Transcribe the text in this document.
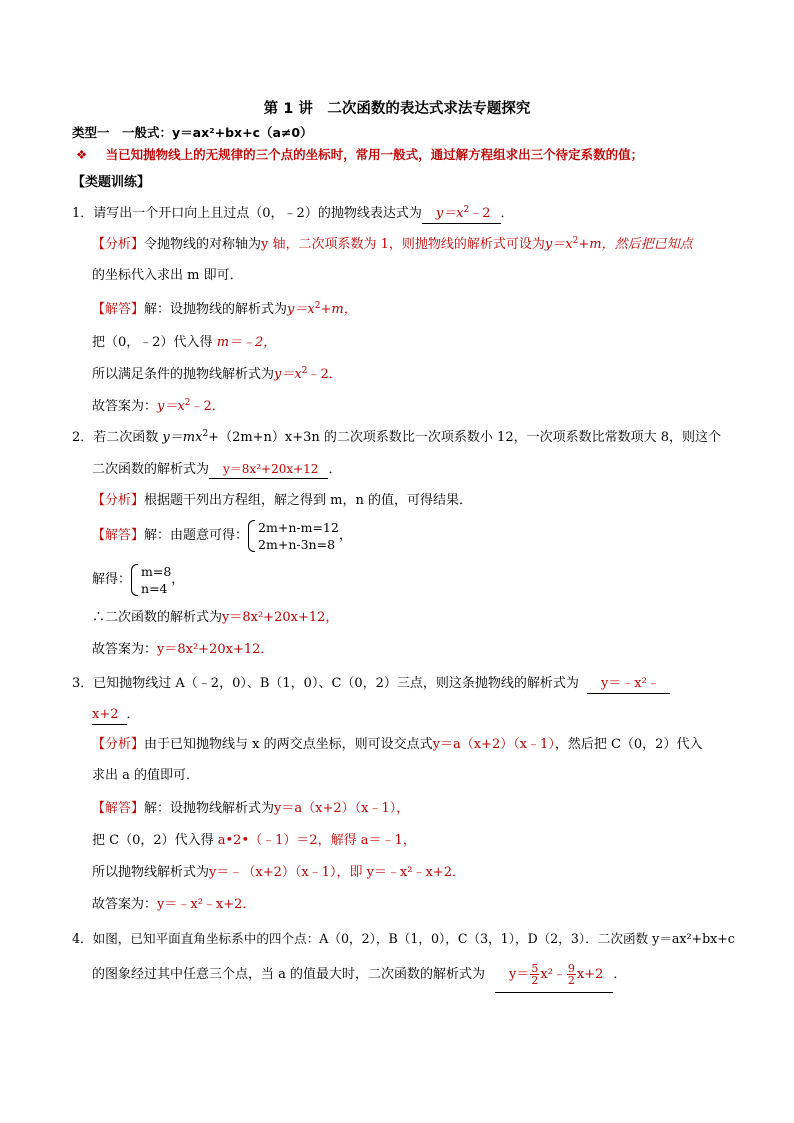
第 1 讲　二次函数的表达式求法专题探究
类型一　一般式：y＝ax²+bx+c（a≠0）
❖ 当已知抛物线上的无规律的三个点的坐标时，常用一般式，通过解方程组求出三个待定系数的值；
【类题训练】
1．请写出一个开口向上且过点（0，﹣2）的抛物线表达式为 $y=x^2﹣2$ ．
【分析】令抛物线的对称轴为y 轴，二次项系数为 1，则抛物线的解析式可设为$y=x^2+m$，然后把已知点
的坐标代入求出 m 即可．
【解答】解：设抛物线的解析式为$y=x^2+m$，
把（0，﹣2）代入得 m＝﹣2，
所以满足条件的抛物线解析式为$y=x^2﹣2$．
故答案为：$y=x^2﹣2$．
2．若二次函数 $y=mx^2+(2m+n)x+3n$ 的二次项系数比一次项系数小 12，一次项系数比常数项大 8，则这个
二次函数的解析式为 y＝8x²+20x+12 ．
【分析】根据题干列出方程组，解之得到 m，n 的值，可得结果．
【解答】解：由题意可得：
2m+n-m=12
2m+n-3n=8
，
解得：
m=8
n=4
，
∴二次函数的解析式为y＝8x²+20x+12，
故答案为：y＝8x²+20x+12．
3．已知抛物线过 A（﹣2，0）、B（1，0）、C（0，2）三点，则这条抛物线的解析式为 y＝﹣x²﹣
x+2 ．
【分析】由于已知抛物线与 x 的两交点坐标，则可设交点式y＝a（x+2）（x﹣1），然后把 C（0，2）代入
求出 a 的值即可．
【解答】解：设抛物线解析式为y＝a（x+2）（x﹣1），
把 C（0，2）代入得 a•2•（﹣1）＝2，解得 a＝﹣1，
所以抛物线解析式为y＝﹣（x+2）（x﹣1），即 y＝﹣x²﹣x+2．
故答案为：y＝﹣x²﹣x+2．
4．如图，已知平面直角坐标系中的四个点：A（0，2），B（1，0），C（3，1），D（2，3）．二次函数 y＝ax²+bx+c
的图象经过其中任意三个点，当 a 的值最大时，二次函数的解析式为 $y= \frac{5}{2}$ x²﹣ $\frac{9}{2} x+2$ ．
